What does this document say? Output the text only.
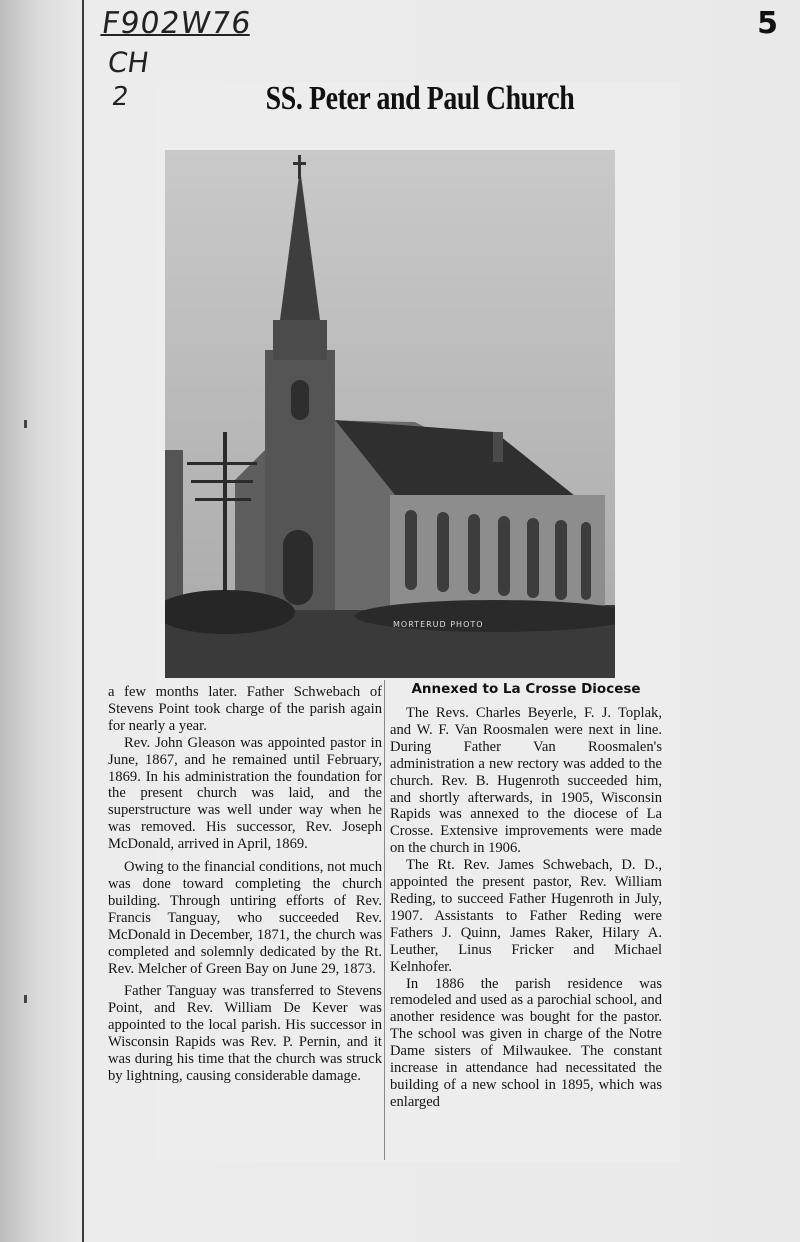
F902W76
CH
2
5
SS. Peter and Paul Church
MORTERUD PHOTO

a few months later. Father Schwebach of Stevens Point took charge of the parish again for nearly a year.

Rev. John Gleason was appointed pastor in June, 1867, and he remained until February, 1869. In his administration the foundation for the present church was laid, and the superstructure was well under way when he was removed. His successor, Rev. Joseph McDonald, arrived in April, 1869.

Owing to the financial conditions, not much was done toward completing the church building. Through untiring efforts of Rev. Francis Tanguay, who succeeded Rev. McDonald in December, 1871, the church was completed and solemnly dedicated by the Rt. Rev. Melcher of Green Bay on June 29, 1873.

Father Tanguay was transferred to Stevens Point, and Rev. William De Kever was appointed to the local parish. His successor in Wisconsin Rapids was Rev. P. Pernin, and it was during his time that the church was struck by lightning, causing considerable damage.

Annexed to La Crosse Diocese

The Revs. Charles Beyerle, F. J. Toplak, and W. F. Van Roosmalen were next in line. During Father Van Roosmalen's administration a new rectory was added to the church. Rev. B. Hugenroth succeeded him, and shortly afterwards, in 1905, Wisconsin Rapids was annexed to the diocese of La Crosse. Extensive improvements were made on the church in 1906.

The Rt. Rev. James Schwebach, D. D., appointed the present pastor, Rev. William Reding, to succeed Father Hugenroth in July, 1907. Assistants to Father Reding were Fathers J. Quinn, James Raker, Hilary A. Leuther, Linus Fricker and Michael Kelnhofer.

In 1886 the parish residence was remodeled and used as a parochial school, and another residence was bought for the pastor. The school was given in charge of the Notre Dame sisters of Milwaukee. The constant increase in attendance had necessitated the building of a new school in 1895, which was enlarged
